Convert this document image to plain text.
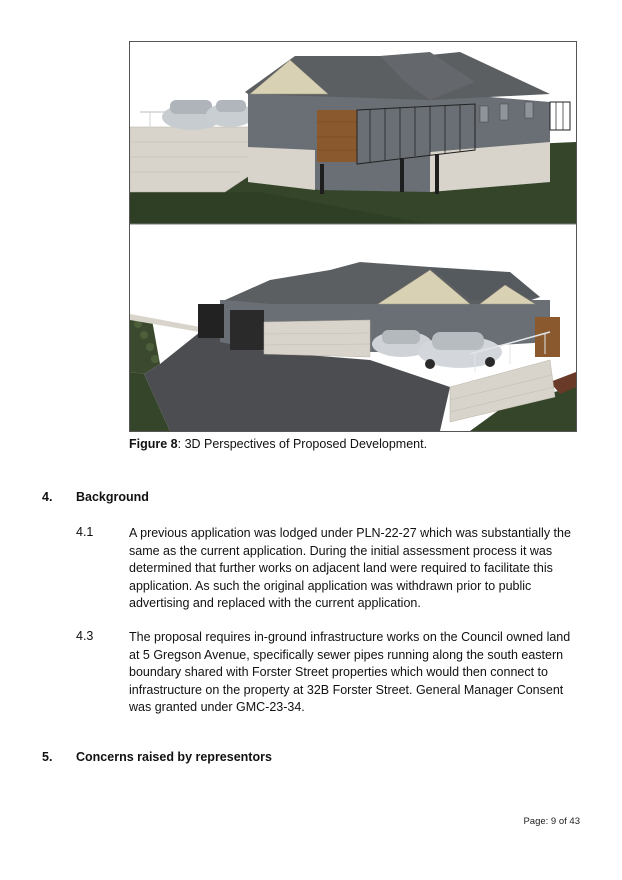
Figure 8: 3D Perspectives of Proposed Development.
4. Background
4.1	A previous application was lodged under PLN-22-27 which was substantially the same as the current application. During the initial assessment process it was determined that further works on adjacent land were required to facilitate this application. As such the original application was withdrawn prior to public advertising and replaced with the current application.
4.3	The proposal requires in-ground infrastructure works on the Council owned land at 5 Gregson Avenue, specifically sewer pipes running along the south eastern boundary shared with Forster Street properties which would then connect to infrastructure on the property at 32B Forster Street. General Manager Consent was granted under GMC-23-34.
5. Concerns raised by representors
Page: 9 of 43
